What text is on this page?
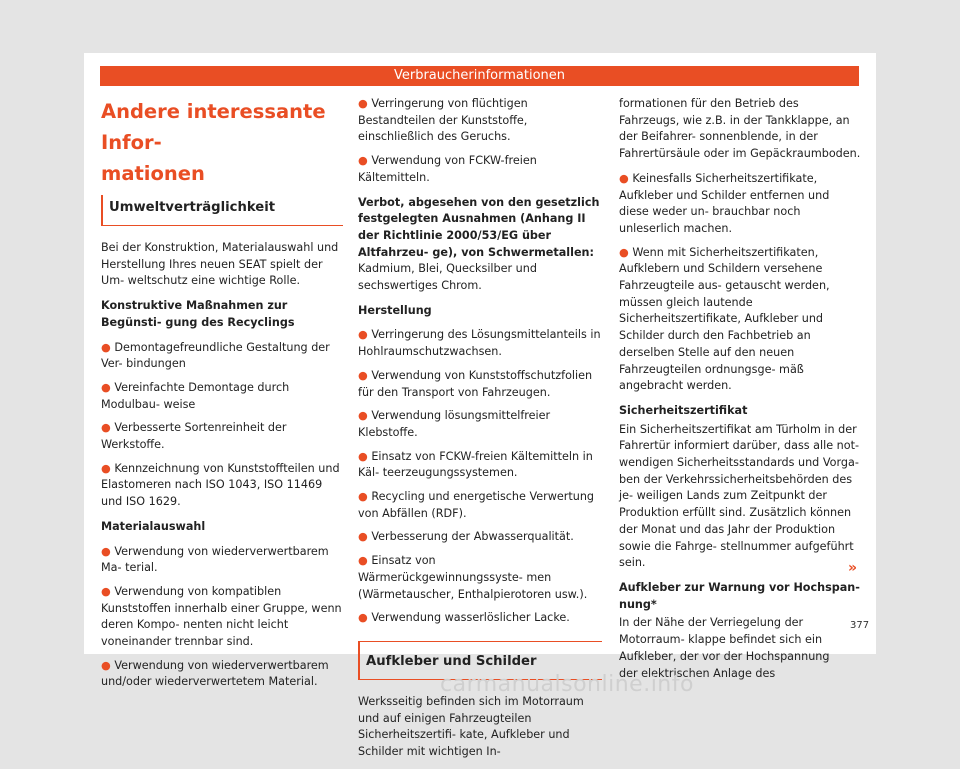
Verbraucherinformationen
Andere interessante Infor-
mationen
Umweltverträglichkeit

Bei der Konstruktion, Materialauswahl und Herstellung Ihres neuen SEAT spielt der Um- weltschutz eine wichtige Rolle.

Konstruktive Maßnahmen zur Begünsti- gung des Recyclings

● Demontagefreundliche Gestaltung der Ver- bindungen

● Vereinfachte Demontage durch Modulbau- weise

● Verbesserte Sortenreinheit der Werkstoffe.

● Kennzeichnung von Kunststoffteilen und Elastomeren nach ISO 1043, ISO 11469 und ISO 1629.

Materialauswahl

● Verwendung von wiederverwertbarem Ma- terial.

● Verwendung von kompatiblen Kunststoffen innerhalb einer Gruppe, wenn deren Kompo- nenten nicht leicht voneinander trennbar sind.

● Verwendung von wiederverwertbarem und/oder wiederverwertetem Material.

● Verringerung von flüchtigen Bestandteilen der Kunststoffe, einschließlich des Geruchs.

● Verwendung von FCKW-freien Kältemitteln.

Verbot, abgesehen von den gesetzlich festgelegten Ausnahmen (Anhang II der Richtlinie 2000/53/EG über Altfahrzeu- ge), von Schwermetallen: Kadmium, Blei, Quecksilber und sechswertiges Chrom.

Herstellung

● Verringerung des Lösungsmittelanteils in Hohlraumschutzwachsen.

● Verwendung von Kunststoffschutzfolien für den Transport von Fahrzeugen.

● Verwendung lösungsmittelfreier Klebstoffe.

● Einsatz von FCKW-freien Kältemitteln in Käl- teerzeugungssystemen.

● Recycling und energetische Verwertung von Abfällen (RDF).

● Verbesserung der Abwasserqualität.

● Einsatz von Wärmerückgewinnungssyste- men (Wärmetauscher, Enthalpierotoren usw.).

● Verwendung wasserlöslicher Lacke.

Aufkleber und Schilder

Werksseitig befinden sich im Motorraum und auf einigen Fahrzeugteilen Sicherheitszertifi- kate, Aufkleber und Schilder mit wichtigen In-

formationen für den Betrieb des Fahrzeugs, wie z.B. in der Tankklappe, an der Beifahrer- sonnenblende, in der Fahrertürsäule oder im Gepäckraumboden.

● Keinesfalls Sicherheitszertifikate, Aufkleber und Schilder entfernen und diese weder un- brauchbar noch unleserlich machen.

● Wenn mit Sicherheitszertifikaten, Aufklebern und Schildern versehene Fahrzeugteile aus- getauscht werden, müssen gleich lautende Sicherheitszertifikate, Aufkleber und Schilder durch den Fachbetrieb an derselben Stelle auf den neuen Fahrzeugteilen ordnungsge- mäß angebracht werden.

Sicherheitszertifikat

Ein Sicherheitszertifikat am Türholm in der Fahrertür informiert darüber, dass alle not- wendigen Sicherheitsstandards und Vorga- ben der Verkehrssicherheitsbehörden des je- weiligen Lands zum Zeitpunkt der Produktion erfüllt sind. Zusätzlich können der Monat und das Jahr der Produktion sowie die Fahrge- stellnummer aufgeführt sein.

Aufkleber zur Warnung vor Hochspan- nung*

In der Nähe der Verriegelung der Motorraum- klappe befindet sich ein Aufkleber, der vor der Hochspannung der elektrischen Anlage des

»
377
carmanualsonline.info
